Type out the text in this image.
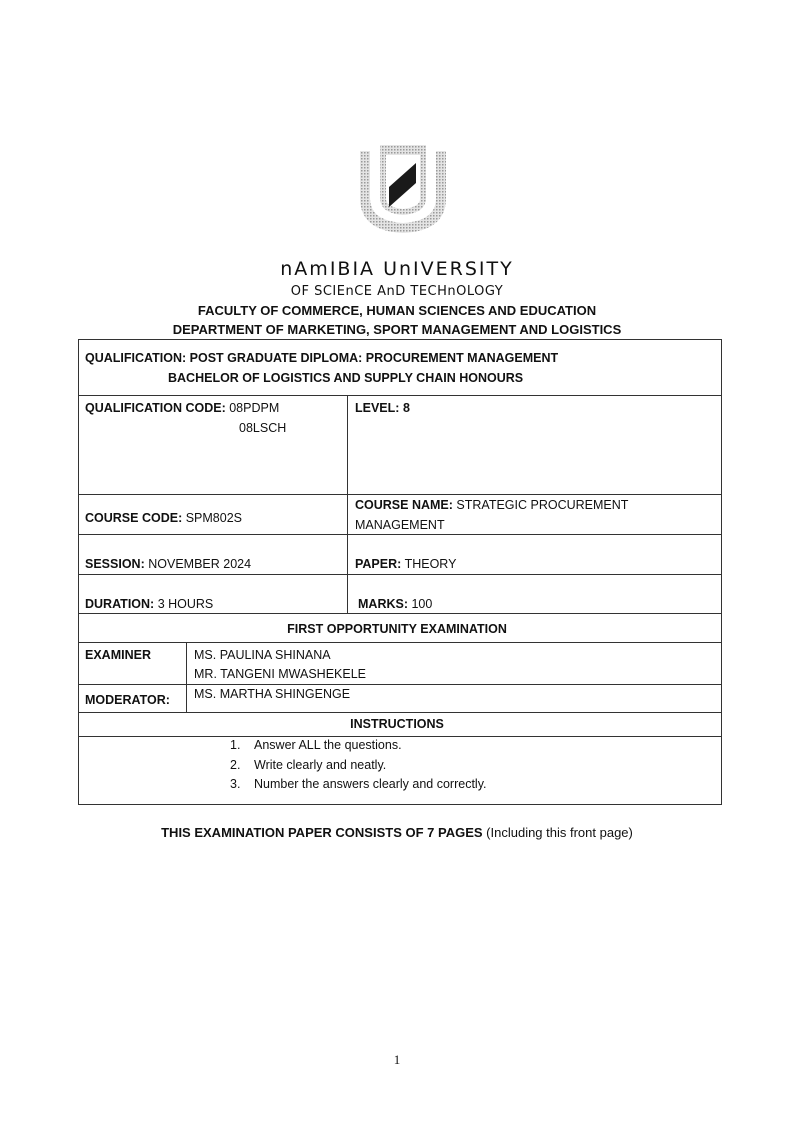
nAmIBIA UnIVERSITY
OF SCIEnCE AnD TECHnOLOGY
FACULTY OF COMMERCE, HUMAN SCIENCES AND EDUCATION
DEPARTMENT OF MARKETING, SPORT MANAGEMENT AND LOGISTICS
QUALIFICATION: POST GRADUATE DIPLOMA: PROCUREMENT MANAGEMENT
BACHELOR OF LOGISTICS AND SUPPLY CHAIN HONOURS
QUALIFICATION CODE: 08PDPM
08LSCH
LEVEL: 8
COURSE CODE: SPM802S
COURSE NAME: STRATEGIC PROCUREMENT
MANAGEMENT
SESSION: NOVEMBER 2024	PAPER: THEORY
DURATION: 3 HOURS	MARKS: 100
FIRST OPPORTUNITY EXAMINATION
EXAMINER	MS. PAULINA SHINANA
MR. TANGENI MWASHEKELE
MODERATOR: MS. MARTHA SHINGENGE
INSTRUCTIONS
1. Answer ALL the questions.
2. Write clearly and neatly.
3. Number the answers clearly and correctly.
THIS EXAMINATION PAPER CONSISTS OF 7 PAGES (Including this front page)
1
